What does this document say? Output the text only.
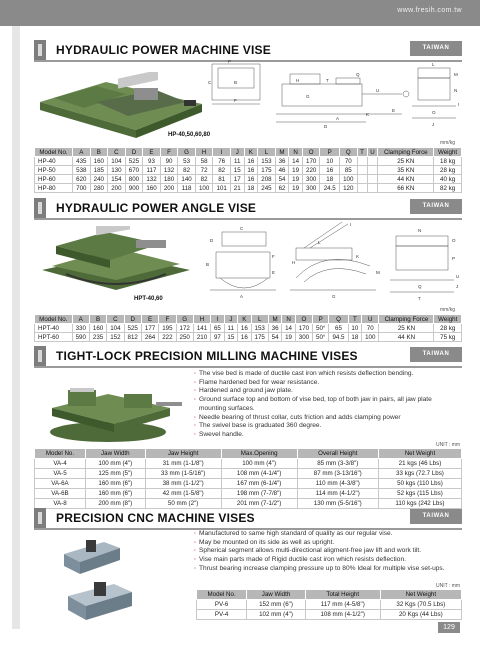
www.fresih.com.tw
HYDRAULIC POWER MACHINE VISE	TAIWAN
HP-40,50,60,80
P
B
F
C
A
H	T
D
G
U
Q
K
E
L
M
N
O
J
I
mm/kg
Model No.	A	B	C	D	E	F	G	H	I	J	K	L	M	N	O	P	Q	T	U	Clamping Force	Weight
HP-40	435	160	104	525	93	90	53	58	76	11	16	153	36	14	170	10	70			25 KN	18 kg
HP-50	538	185	130	670	117	132	82	72	82	15	16	175	46	19	220	16	85			35 KN	28 kg
HP-60	620	240	154	800	132	180	140	82	81	17	16	208	54	19	300	18	100			44 KN	40 kg
HP-80	700	280	200	900	160	200	118	100	101	21	18	245	62	19	300	24.5	120			66 KN	82 kg
HYDRAULIC POWER ANGLE VISE	TAIWAN
HPT-40,60
C
D
F
A
B
E
G
H
I
K
L
M
N
O
P
Q
T
U
J
mm/kg
Model No.	A	B	C	D	E	F	G	H	I	J	K	L	M	N	O	P	Q	T	U	Clamping Force	Weight
HPT-40	330	160	104	525	177	195	172	141	65	11	16	153	36	14	170	50°	65	10	70	25 KN	28 kg
HPT-60	590	235	152	812	264	222	250	210	97	15	16	175	54	19	300	50°	94.5	18	100	44 KN	75 kg
TIGHT-LOCK PRECISION MILLING MACHINE VISES	TAIWAN
· The vise bed is made of ductile cast iron which resists deflection bending.
· Flame hardened bed for wear resistance.
· Hardened and ground jaw plate.
· Ground surface top and bottom of vise bed, top of both jaw in pairs, all jaw plate mounting surfaces.
· Needle bearing of thrust collar, cuts friction and adds clamping power
· The swivel base is graduated 360 degree.
· Swevel handle.
UNIT : mm
Model No.	Jaw Width	Jaw Height	Max.Opening	Overall Height	Net Weight
VA-4	100 mm (4")	31 mm (1-1/8")	100 mm (4")	85 mm (3-3/8")	21 kgs (46 Lbs)
VA-5	125 mm (5")	33 mm (1-5/16")	108 mm (4-1/4")	87 mm (3-13/16")	33 kgs (72.7 Lbs)
VA-6A	160 mm (6")	38 mm (1-1/2")	167 mm (6-1/4")	110 mm (4-3/8")	50 kgs (110 Lbs)
VA-6B	160 mm (6")	42 mm (1-5/8")	198 mm (7-7/8")	114 mm (4-1/2")	52 kgs (115 Lbs)
VA-8	200 mm (8")	50 mm (2")	201 mm (7-1/2")	130 mm (5-5/16")	110 kgs (242 Lbs)
PRECISION CNC MACHINE VISES	TAIWAN
· Manufactured to same high standard of quality as our regular vise.
· May be mounted on its side as well as upright.
· Spherical segment allows multi-directional aligment-free jaw lift and work tilt.
· Vise main parts made of Rigid ductile cast iron which resists deflection.
· Thrust bearing increase clamping pressure up to 80% Ideal for multiple vise set-ups.
UNIT : mm
Model No.	Jaw Width	Total Height	Net Weight
PV-6	152 mm (6")	117 mm (4-5/8")	32 Kgs (70.5 Lbs)
PV-4	102 mm (4")	108 mm (4-1/2")	20 Kgs (44 Lbs)
129
